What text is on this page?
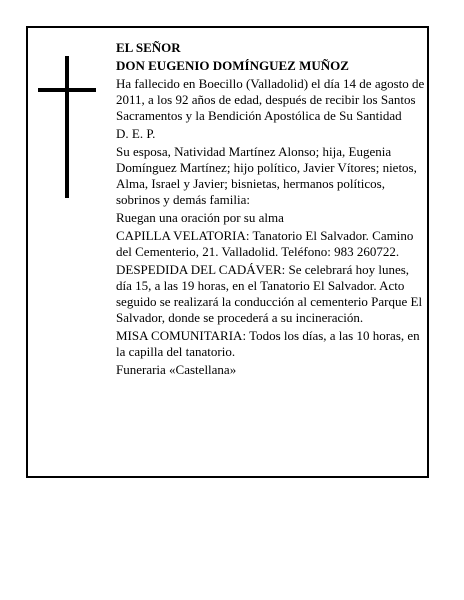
EL SEÑOR

DON EUGENIO DOMÍNGUEZ MUÑOZ

Ha fallecido en Boecillo (Valladolid) el día 14 de agosto de 2011, a los 92 años de edad, después de recibir los Santos Sacramentos y la Bendición Apostólica de Su Santidad

D. E. P.

Su esposa, Natividad Martínez Alonso; hija, Eugenia Domínguez Martínez; hijo político, Javier Vítores; nietos, Alma, Israel y Javier; bisnietas, hermanos políticos, sobrinos y demás familia:

Ruegan una oración por su alma

CAPILLA VELATORIA: Tanatorio El Salvador. Camino del Cementerio, 21. Valladolid. Teléfono: 983 260722.

DESPEDIDA DEL CADÁVER: Se celebrará hoy lunes, día 15, a las 19 horas, en el Tanatorio El Salvador. Acto seguido se realizará la conducción al cementerio Parque El Salvador, donde se procederá a su incineración.

MISA COMUNITARIA: Todos los días, a las 10 horas, en la capilla del tanatorio.

Funeraria «Castellana»
